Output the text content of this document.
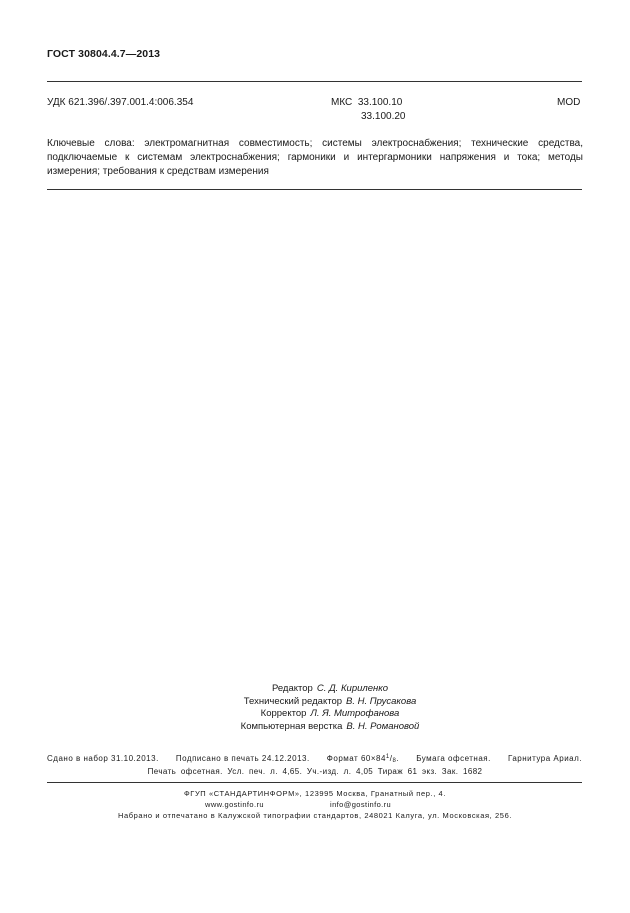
ГОСТ 30804.4.7—2013
УДК 621.396/.397.001.4:006.354	МКС 33.100.10
33.100.20
MOD
Ключевые слова: электромагнитная совместимость; системы электроснабжения; технические средства, подключаемые к системам электроснабжения; гармоники и интергармоники напряжения и тока; методы измерения; требования к средствам измерения
Редактор С. Д. Кириленко
Технический редактор В. Н. Прусакова
Корректор Л. Я. Митрофанова
Компьютерная верстка В. Н. Романовой
Сдано в набор 31.10.2013. Подписано в печать 24.12.2013. Формат $60\times 84^1/8$. Бумага офсетная. Гарнитура Ариал.
Печать офсетная. Усл. печ. л. 4,65. Уч.-изд. л. 4,05 Тираж 61 экз. Зак. 1682
ФГУП «СТАНДАРТИНФОРМ», 123995 Москва, Гранатный пер., 4.
www.gostinfo.ru	info@gostinfo.ru
Набрано и отпечатано в Калужской типографии стандартов, 248021 Калуга, ул. Московская, 256.
